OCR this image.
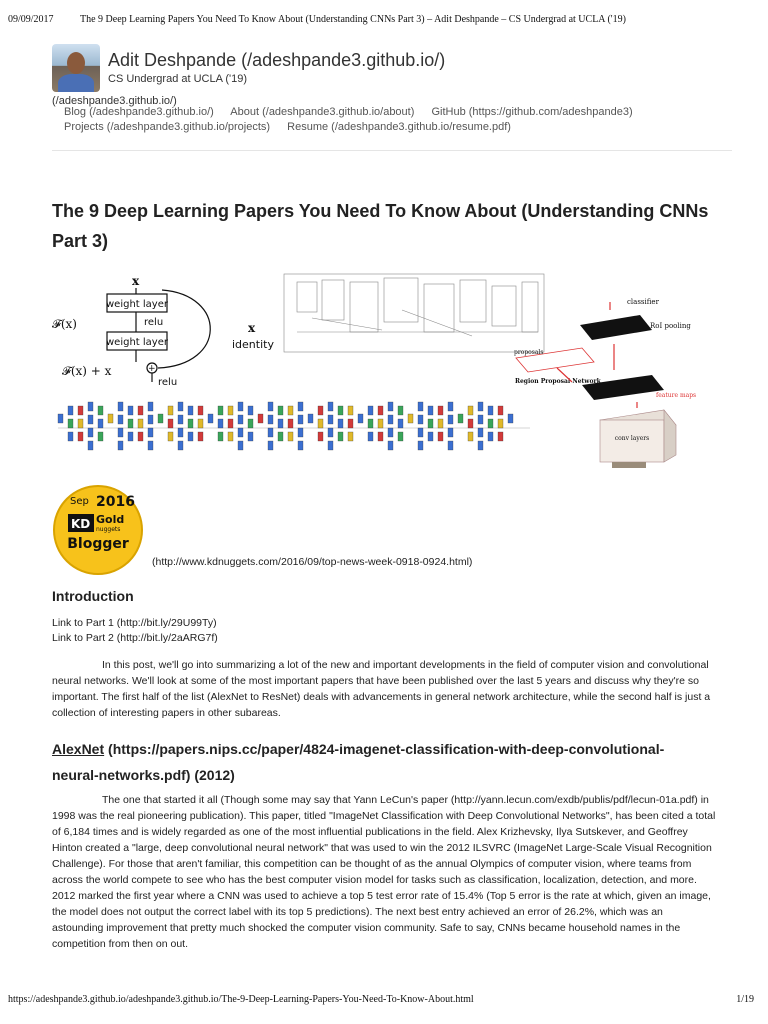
09/09/2017	The 9 Deep Learning Papers You Need To Know About (Understanding CNNs Part 3) – Adit Deshpande – CS Undergrad at UCLA ('19)
Adit Deshpande (/adeshpande3.github.io/)
CS Undergrad at UCLA ('19)
(/adeshpande3.github.io/)
Blog (/adeshpande3.github.io/) About (/adeshpande3.github.io/about) GitHub (https://github.com/adeshpande3)
Projects (/adeshpande3.github.io/projects) Resume (/adeshpande3.github.io/resume.pdf)
The 9 Deep Learning Papers You Need To Know About (Understanding CNNs Part 3)
x
weight layer
relu
weight layer
+
relu
𝓕(x)	x
identity
𝓕(x) + x
classifier
RoI pooling
proposals
Region Proposal Network
feature maps
conv layers
Sep 2016
KD Gold
nuggets
Blogger
(http://www.kdnuggets.com/2016/09/top-news-week-0918-0924.html)
Introduction
Link to Part 1 (http://bit.ly/29U99Ty)
Link to Part 2 (http://bit.ly/2aARG7f)

In this post, we'll go into summarizing a lot of the new and important developments in the field of computer vision and convolutional neural networks. We'll look at some of the most important papers that have been published over the last 5 years and discuss why they're so important. The first half of the list (AlexNet to ResNet) deals with advancements in general network architecture, while the second half is just a collection of interesting papers in other subareas.

AlexNet (https://papers.nips.cc/paper/4824-imagenet-classification-with-deep-convolutional-neural-networks.pdf) (2012)

The one that started it all (Though some may say that Yann LeCun's paper (http://yann.lecun.com/exdb/publis/pdf/lecun-01a.pdf) in 1998 was the real pioneering publication). This paper, titled "ImageNet Classification with Deep Convolutional Networks", has been cited a total of 6,184 times and is widely regarded as one of the most influential publications in the field. Alex Krizhevsky, Ilya Sutskever, and Geoffrey Hinton created a "large, deep convolutional neural network" that was used to win the 2012 ILSVRC (ImageNet Large-Scale Visual Recognition Challenge). For those that aren't familiar, this competition can be thought of as the annual Olympics of computer vision, where teams from across the world compete to see who has the best computer vision model for tasks such as classification, localization, detection, and more. 2012 marked the first year where a CNN was used to achieve a top 5 test error rate of 15.4% (Top 5 error is the rate at which, given an image, the model does not output the correct label with its top 5 predictions). The next best entry achieved an error of 26.2%, which was an astounding improvement that pretty much shocked the computer vision community. Safe to say, CNNs became household names in the competition from then on out.

https://adeshpande3.github.io/adeshpande3.github.io/The-9-Deep-Learning-Papers-You-Need-To-Know-About.html	1/19
